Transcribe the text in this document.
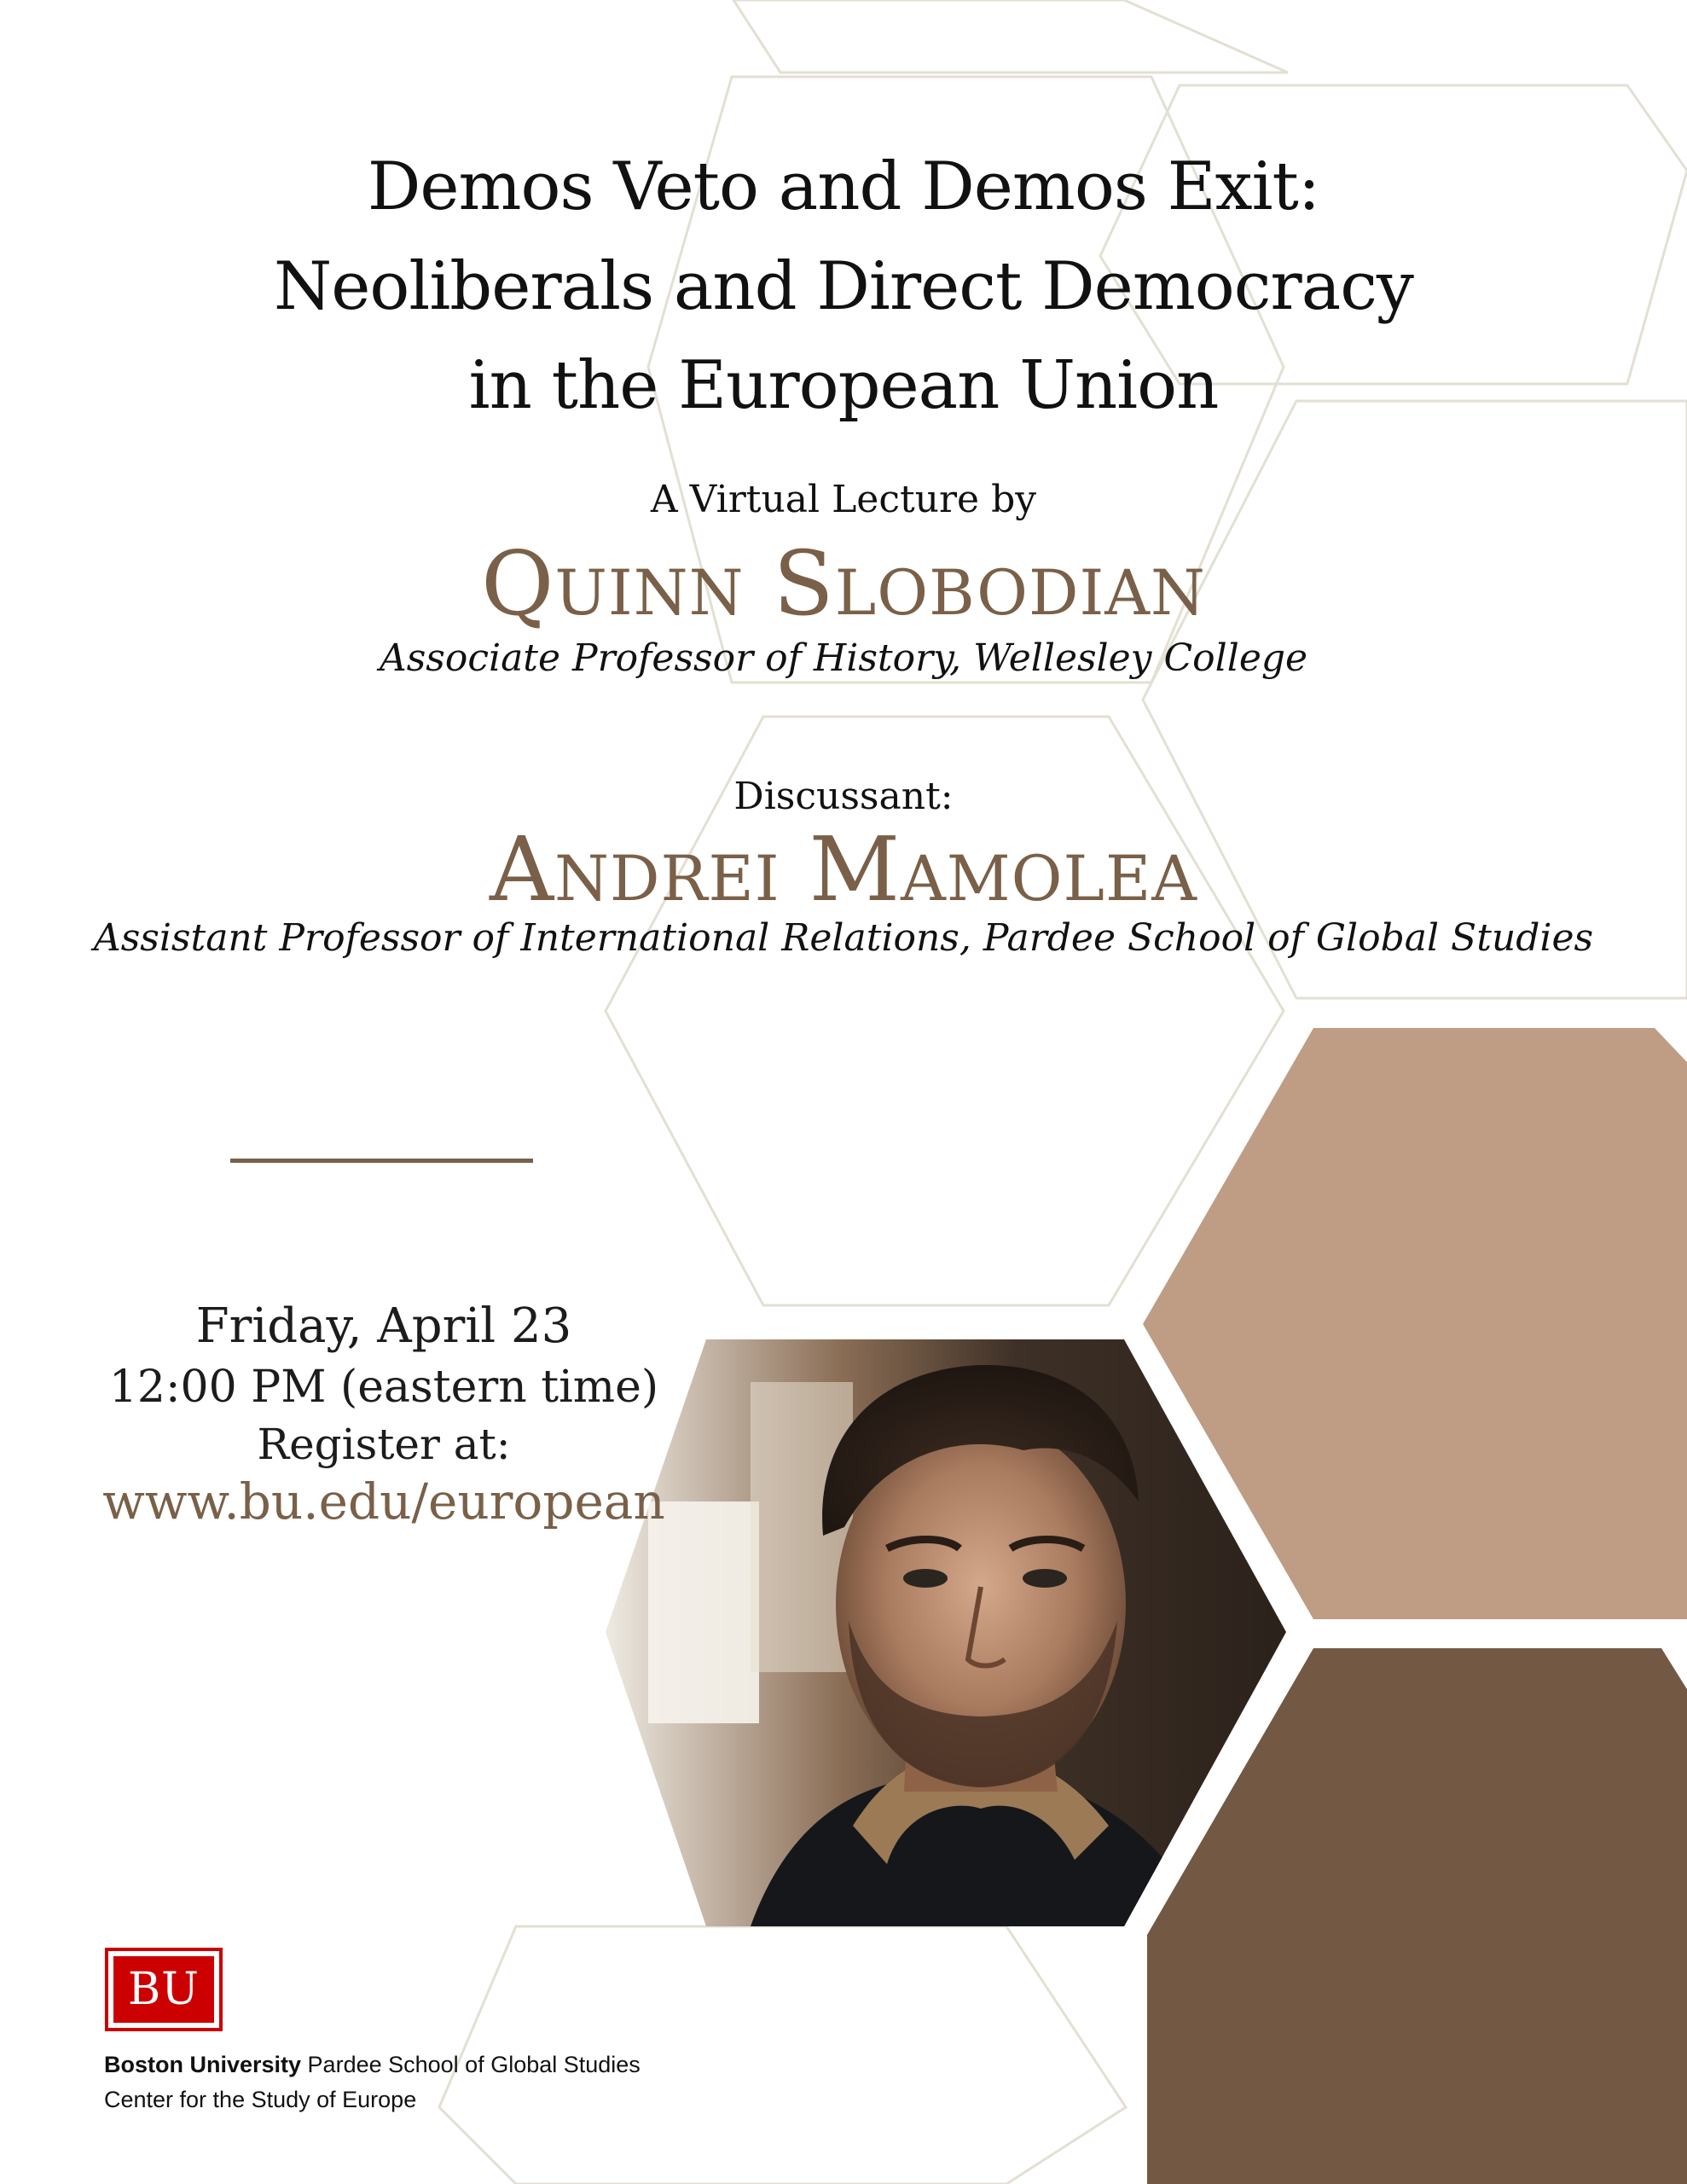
Demos Veto and Demos Exit:
Neoliberals and Direct Democracy
in the European Union
A Virtual Lecture by
Quinn Slobodian
Associate Professor of History, Wellesley College
Discussant:
Andrei Mamolea
Assistant Professor of International Relations, Pardee School of Global Studies
Friday, April 23
12:00 PM (eastern time)
Register at:
www.bu.edu/european
BU
Boston University Pardee School of Global Studies
Center for the Study of Europe
